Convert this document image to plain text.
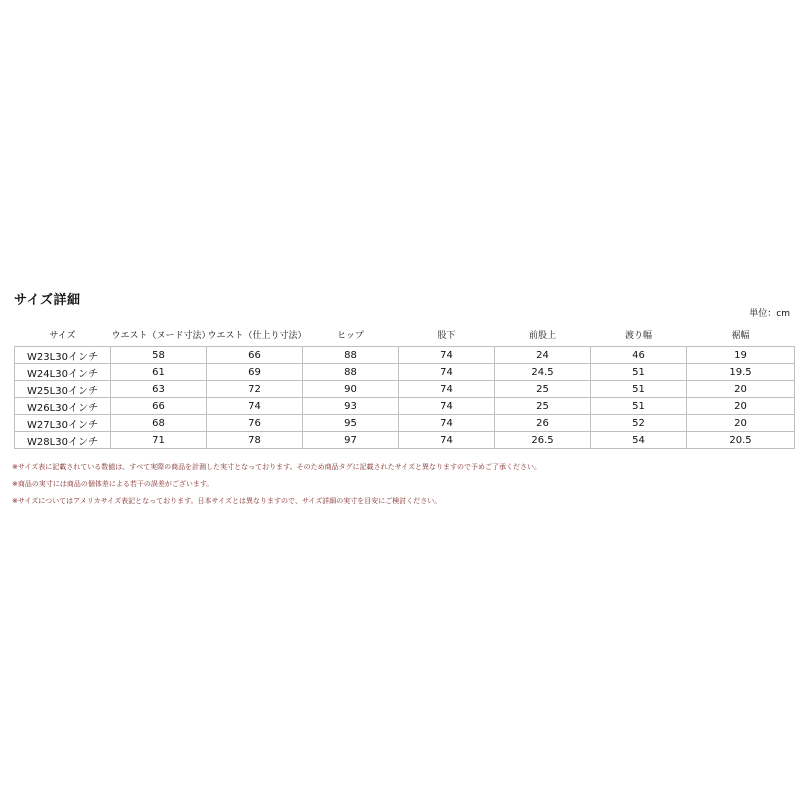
サイズ詳細
単位：cm
サイズ	ウエスト（ヌード寸法）	ウエスト（仕上り寸法）	ヒップ	股下	前股上	渡り幅	裾幅
W23L30インチ	58	66	88	74	24	46	19
W24L30インチ	61	69	88	74	24.5	51	19.5
W25L30インチ	63	72	90	74	25	51	20
W26L30インチ	66	74	93	74	25	51	20
W27L30インチ	68	76	95	74	26	52	20
W28L30インチ	71	78	97	74	26.5	54	20.5
※サイズ表に記載されている数値は、すべて実際の商品を計測した実寸となっております。そのため商品タグに記載されたサイズと異なりますので予めご了承ください。
※商品の実寸には商品の個体差による若干の誤差がございます。
※サイズについてはアメリカサイズ表記となっております。日本サイズとは異なりますので、サイズ詳細の実寸を目安にご検討ください。
